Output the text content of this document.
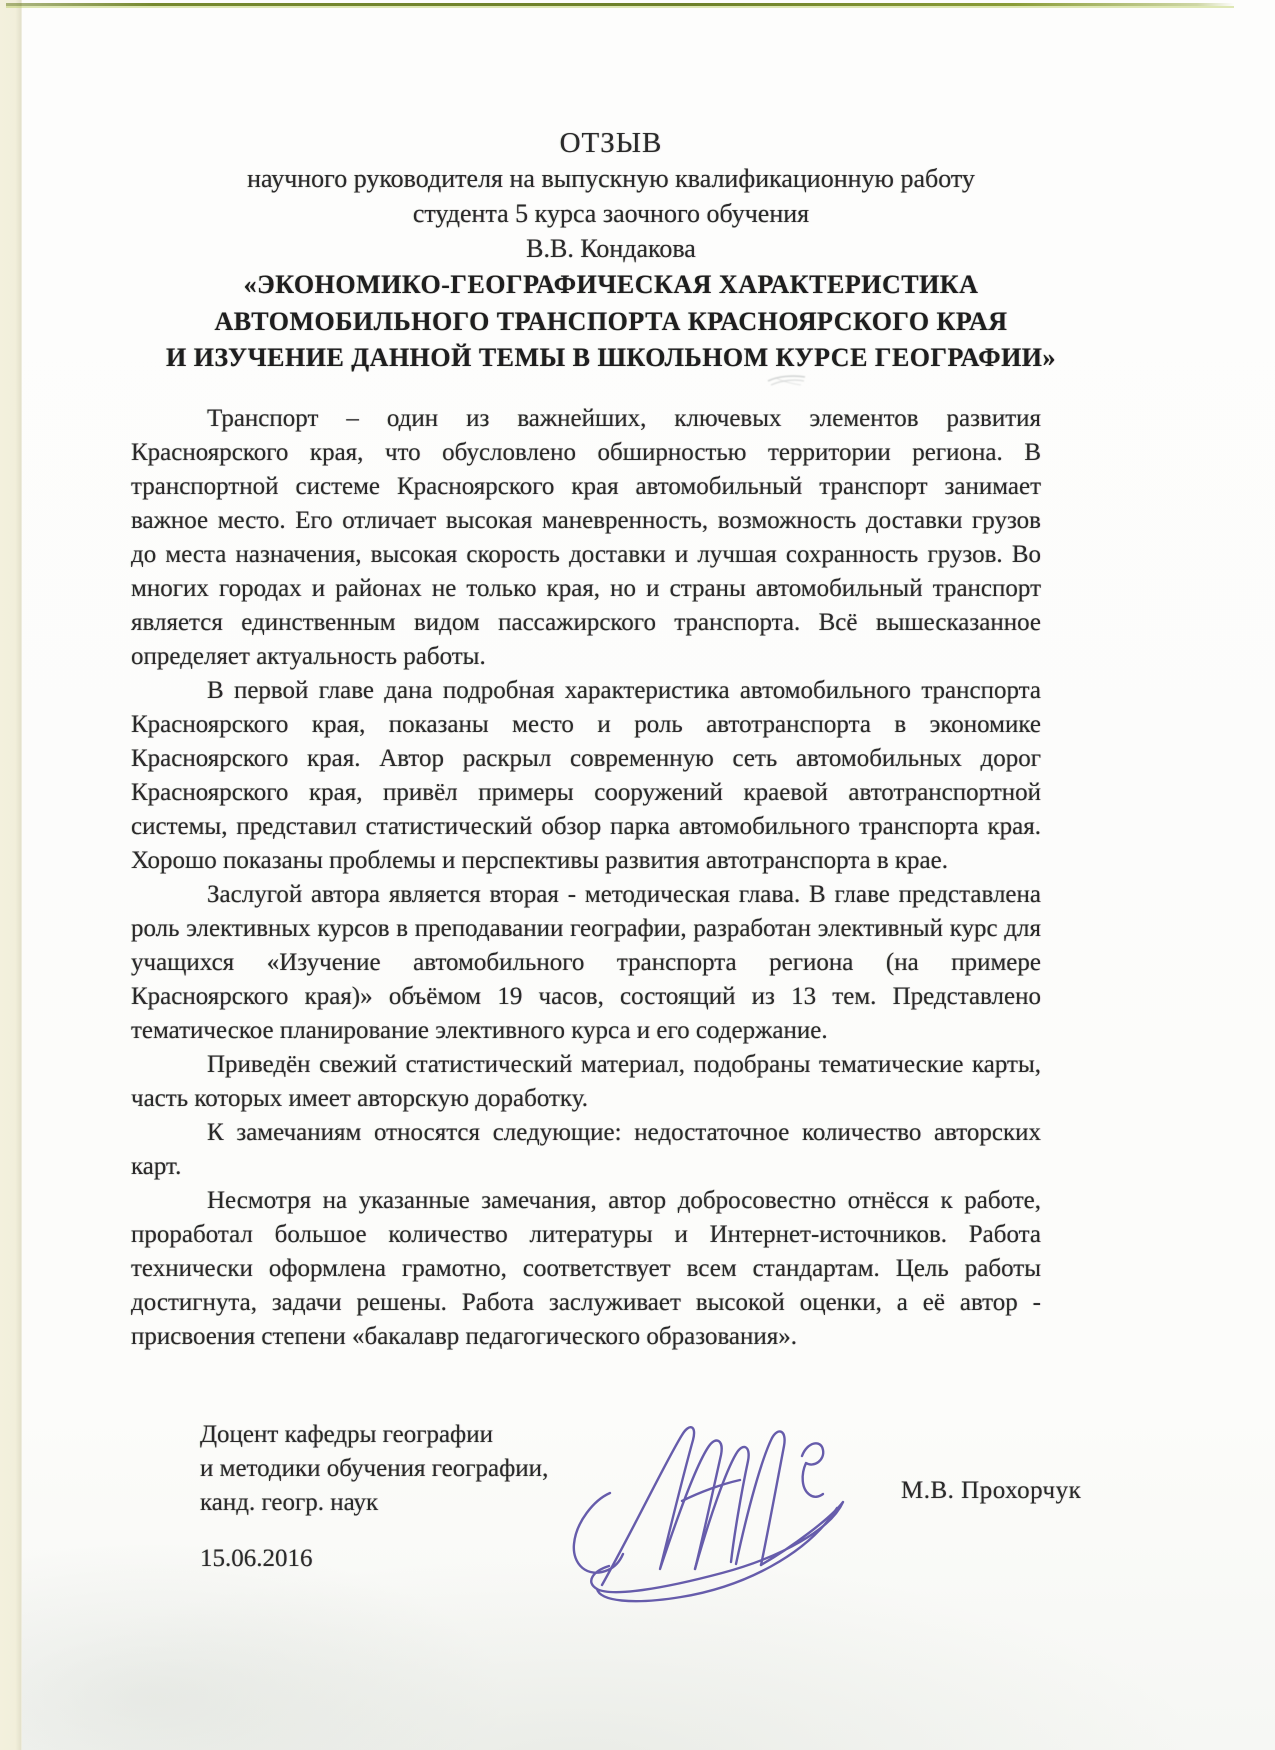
ОТЗЫВ
научного руководителя на выпускную квалификационную работу
студента 5 курса заочного обучения
В.В. Кондакова
«ЭКОНОМИКО-ГЕОГРАФИЧЕСКАЯ ХАРАКТЕРИСТИКА
АВТОМОБИЛЬНОГО ТРАНСПОРТА КРАСНОЯРСКОГО КРАЯ
И ИЗУЧЕНИЕ ДАННОЙ ТЕМЫ В ШКОЛЬНОМ КУРСЕ ГЕОГРАФИИ»

Транспорт – один из важнейших, ключевых элементов развития Красноярского края, что обусловлено обширностью территории региона. В транспортной системе Красноярского края автомобильный транспорт занимает важное место. Его отличает высокая маневренность, возможность доставки грузов до места назначения, высокая скорость доставки и лучшая сохранность грузов. Во многих городах и районах не только края, но и страны автомобильный транспорт является единственным видом пассажирского транспорта. Всё вышесказанное определяет актуальность работы.

В первой главе дана подробная характеристика автомобильного транспорта Красноярского края, показаны место и роль автотранспорта в экономике Красноярского края. Автор раскрыл современную сеть автомобильных дорог Красноярского края, привёл примеры сооружений краевой автотранспортной системы, представил статистический обзор парка автомобильного транспорта края. Хорошо показаны проблемы и перспективы развития автотранспорта в крае.

Заслугой автора является вторая - методическая глава. В главе представлена роль элективных курсов в преподавании географии, разработан элективный курс для учащихся «Изучение автомобильного транспорта региона (на примере Красноярского края)» объёмом 19 часов, состоящий из 13 тем. Представлено тематическое планирование элективного курса и его содержание.

Приведён свежий статистический материал, подобраны тематические карты, часть которых имеет авторскую доработку.

К замечаниям относятся следующие: недостаточное количество авторских карт.

Несмотря на указанные замечания, автор добросовестно отнёсся к работе, проработал большое количество литературы и Интернет-источников. Работа технически оформлена грамотно, соответствует всем стандартам. Цель работы достигнута, задачи решены. Работа заслуживает высокой оценки, а её автор - присвоения степени «бакалавр педагогического образования».

Доцент кафедры географии
и методики обучения географии,
канд. геогр. наук
15.06.2016
М.В. Прохорчук
